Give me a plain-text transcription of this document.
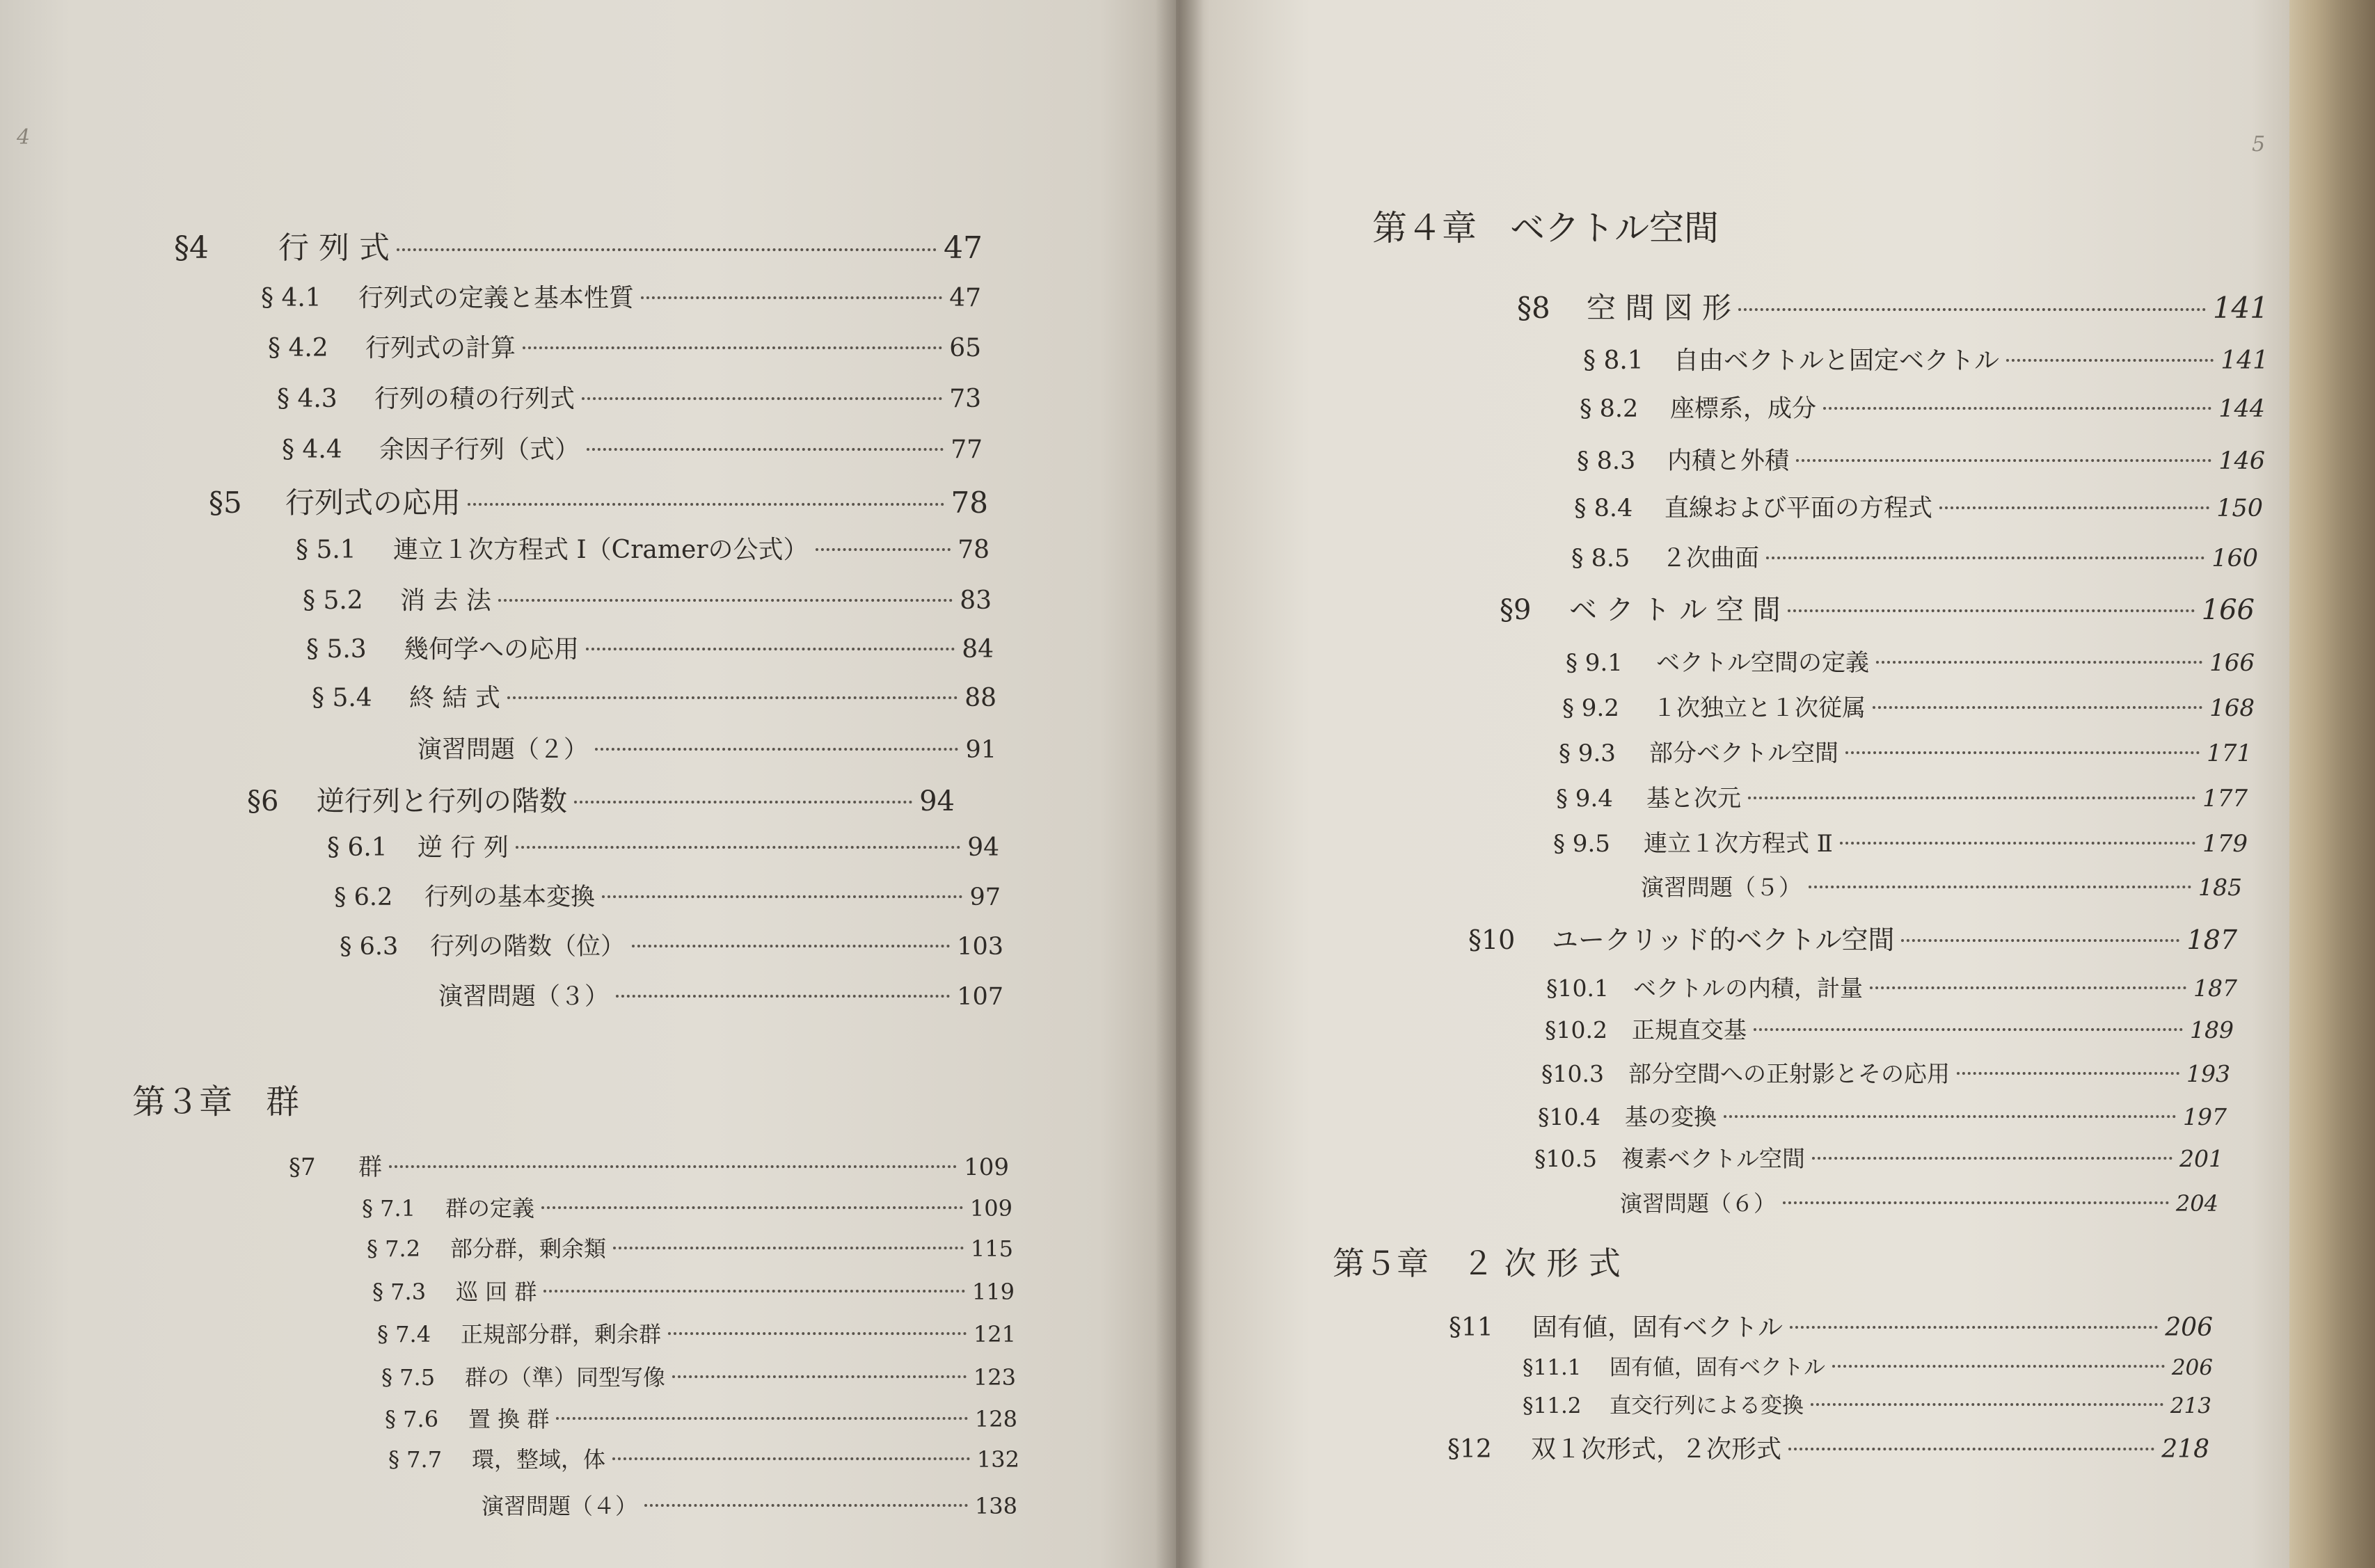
4	5
第３章 群
第４章 ベクトル空間
第５章 ２ 次 形 式
§4	行 列 式	47
§ 4.1	行列式の定義と基本性質	47
§ 4.2	行列式の計算	65
§ 4.3	行列の積の行列式	73
§ 4.4	余因子行列（式）	77
§5	行列式の応用	78
§ 5.1	連立１次方程式 Ⅰ（Cramerの公式）	78
§ 5.2	消 去 法	83
§ 5.3	幾何学への応用	84
§ 5.4	終 結 式	88
演習問題（２）	91
§6	逆行列と行列の階数	94
§ 6.1	逆 行 列	94
§ 6.2	行列の基本変換	97
§ 6.3	行列の階数（位）	103
演習問題（３）	107
§7	群	109
§ 7.1	群の定義	109
§ 7.2	部分群，剰余類	115
§ 7.3	巡 回 群	119
§ 7.4	正規部分群，剰余群	121
§ 7.5	群の（準）同型写像	123
§ 7.6	置 換 群	128
§ 7.7	環，整域，体	132
演習問題（４）	138
§8	空 間 図 形	141
§ 8.1	自由ベクトルと固定ベクトル	141
§ 8.2	座標系，成分	144
§ 8.3	内積と外積	146
§ 8.4	直線および平面の方程式	150
§ 8.5	２次曲面	160
§9	ベ ク ト ル 空 間	166
§ 9.1	ベクトル空間の定義	166
§ 9.2	１次独立と１次従属	168
§ 9.3	部分ベクトル空間	171
§ 9.4	基と次元	177
§ 9.5	連立１次方程式 Ⅱ	179
演習問題（５）	185
§10	ユークリッド的ベクトル空間	187
§10.1	ベクトルの内積，計量	187
§10.2	正規直交基	189
§10.3	部分空間への正射影とその応用	193
§10.4	基の変換	197
§10.5	複素ベクトル空間	201
演習問題（６）	204
§11	固有値，固有ベクトル	206
§11.1	固有値，固有ベクトル	206
§11.2	直交行列による変換	213
§12	双１次形式，２次形式	218
